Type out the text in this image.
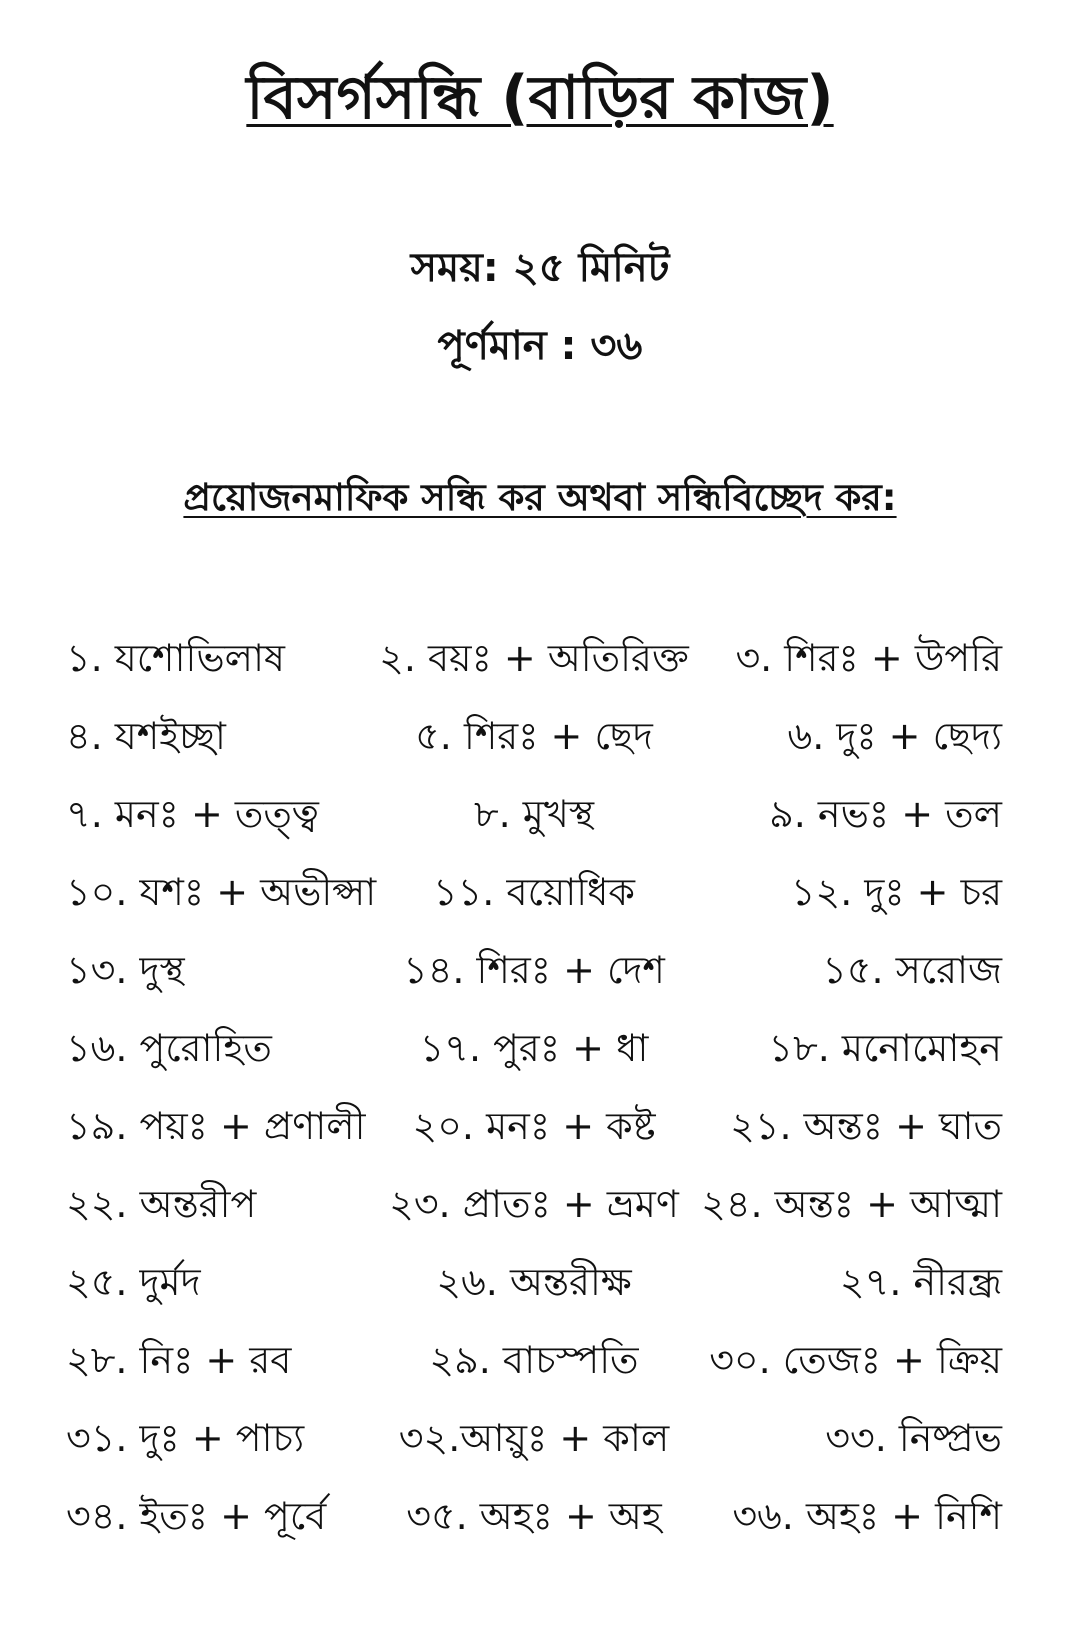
বিসর্গসন্ধি (বাড়ির কাজ)
সময়: ২৫ মিনিট
পূর্ণমান : ৩৬

প্রয়োজনমাফিক সন্ধি কর অথবা সন্ধিবিচ্ছেদ কর:

১. যশোভিলাষ	২. বয়ঃ + অতিরিক্ত	৩. শিরঃ + উপরি
৪. যশইচ্ছা	৫. শিরঃ + ছেদ	৬. দুঃ + ছেদ্য
৭. মনঃ + তত্ত্ব	৮. মুখস্থ	৯. নভঃ + তল
১০. যশঃ + অভীপ্সা	১১. বয়োধিক	১২. দুঃ + চর
১৩. দুস্থ	১৪. শিরঃ + দেশ	১৫. সরোজ
১৬. পুরোহিত	১৭. পুরঃ + ধা	১৮. মনোমোহন
১৯. পয়ঃ + প্রণালী	২০. মনঃ + কষ্ট	২১. অন্তঃ + ঘাত
২২. অন্তরীপ	২৩. প্রাতঃ + ভ্রমণ ২৪. অন্তঃ + আত্মা
২৫. দুর্মদ	২৬. অন্তরীক্ষ	২৭. নীরন্ধ্র
২৮. নিঃ + রব	২৯. বাচস্পতি	৩০. তেজঃ + ক্রিয়
৩১. দুঃ + পাচ্য	৩২.আয়ুঃ + কাল	৩৩. নিষ্প্রভ
৩৪. ইতঃ + পূর্বে	৩৫. অহঃ + অহ	৩৬. অহঃ + নিশি
